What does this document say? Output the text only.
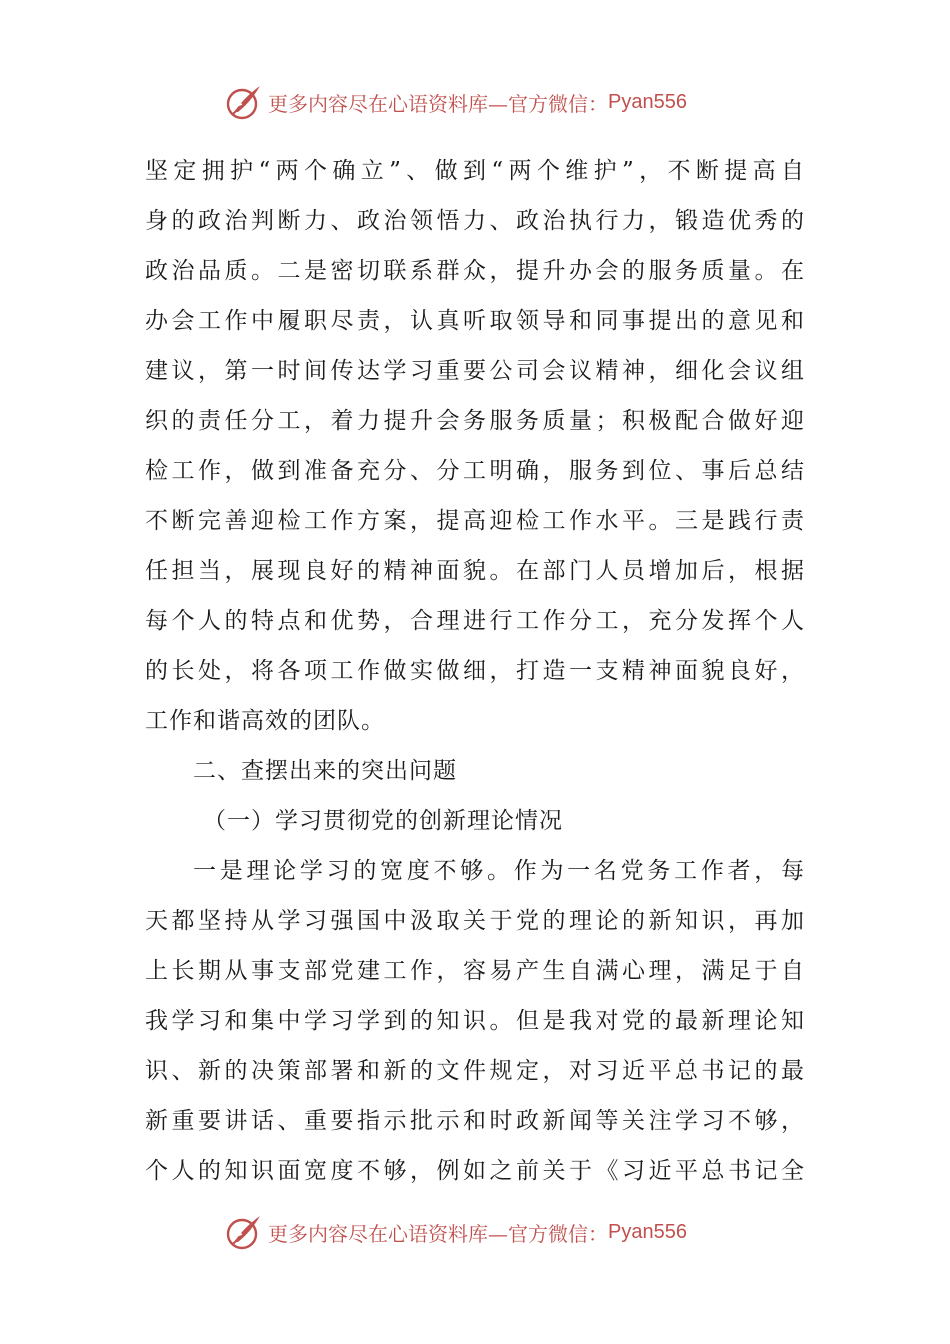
更多内容尽在心语资料库—官方微信： Pyan556
坚定拥护“两个确立”、做到“两个维护”，不断提高自
身的政治判断力、政治领悟力、政治执行力，锻造优秀的
政治品质。二是密切联系群众，提升办会的服务质量。在
办会工作中履职尽责，认真听取领导和同事提出的意见和
建议，第一时间传达学习重要公司会议精神，细化会议组
织的责任分工，着力提升会务服务质量；积极配合做好迎
检工作，做到准备充分、分工明确，服务到位、事后总结
不断完善迎检工作方案，提高迎检工作水平。三是践行责
任担当，展现良好的精神面貌。在部门人员增加后，根据
每个人的特点和优势，合理进行工作分工，充分发挥个人
的长处，将各项工作做实做细，打造一支精神面貌良好，
工作和谐高效的团队。
二、查摆出来的突出问题
（一）学习贯彻党的创新理论情况
一是理论学习的宽度不够。作为一名党务工作者，每
天都坚持从学习强国中汲取关于党的理论的新知识，再加
上长期从事支部党建工作，容易产生自满心理，满足于自
我学习和集中学习学到的知识。但是我对党的最新理论知
识、新的决策部署和新的文件规定，对习近平总书记的最
新重要讲话、重要指示批示和时政新闻等关注学习不够，
个人的知识面宽度不够，例如之前关于《习近平总书记全
更多内容尽在心语资料库—官方微信： Pyan556
